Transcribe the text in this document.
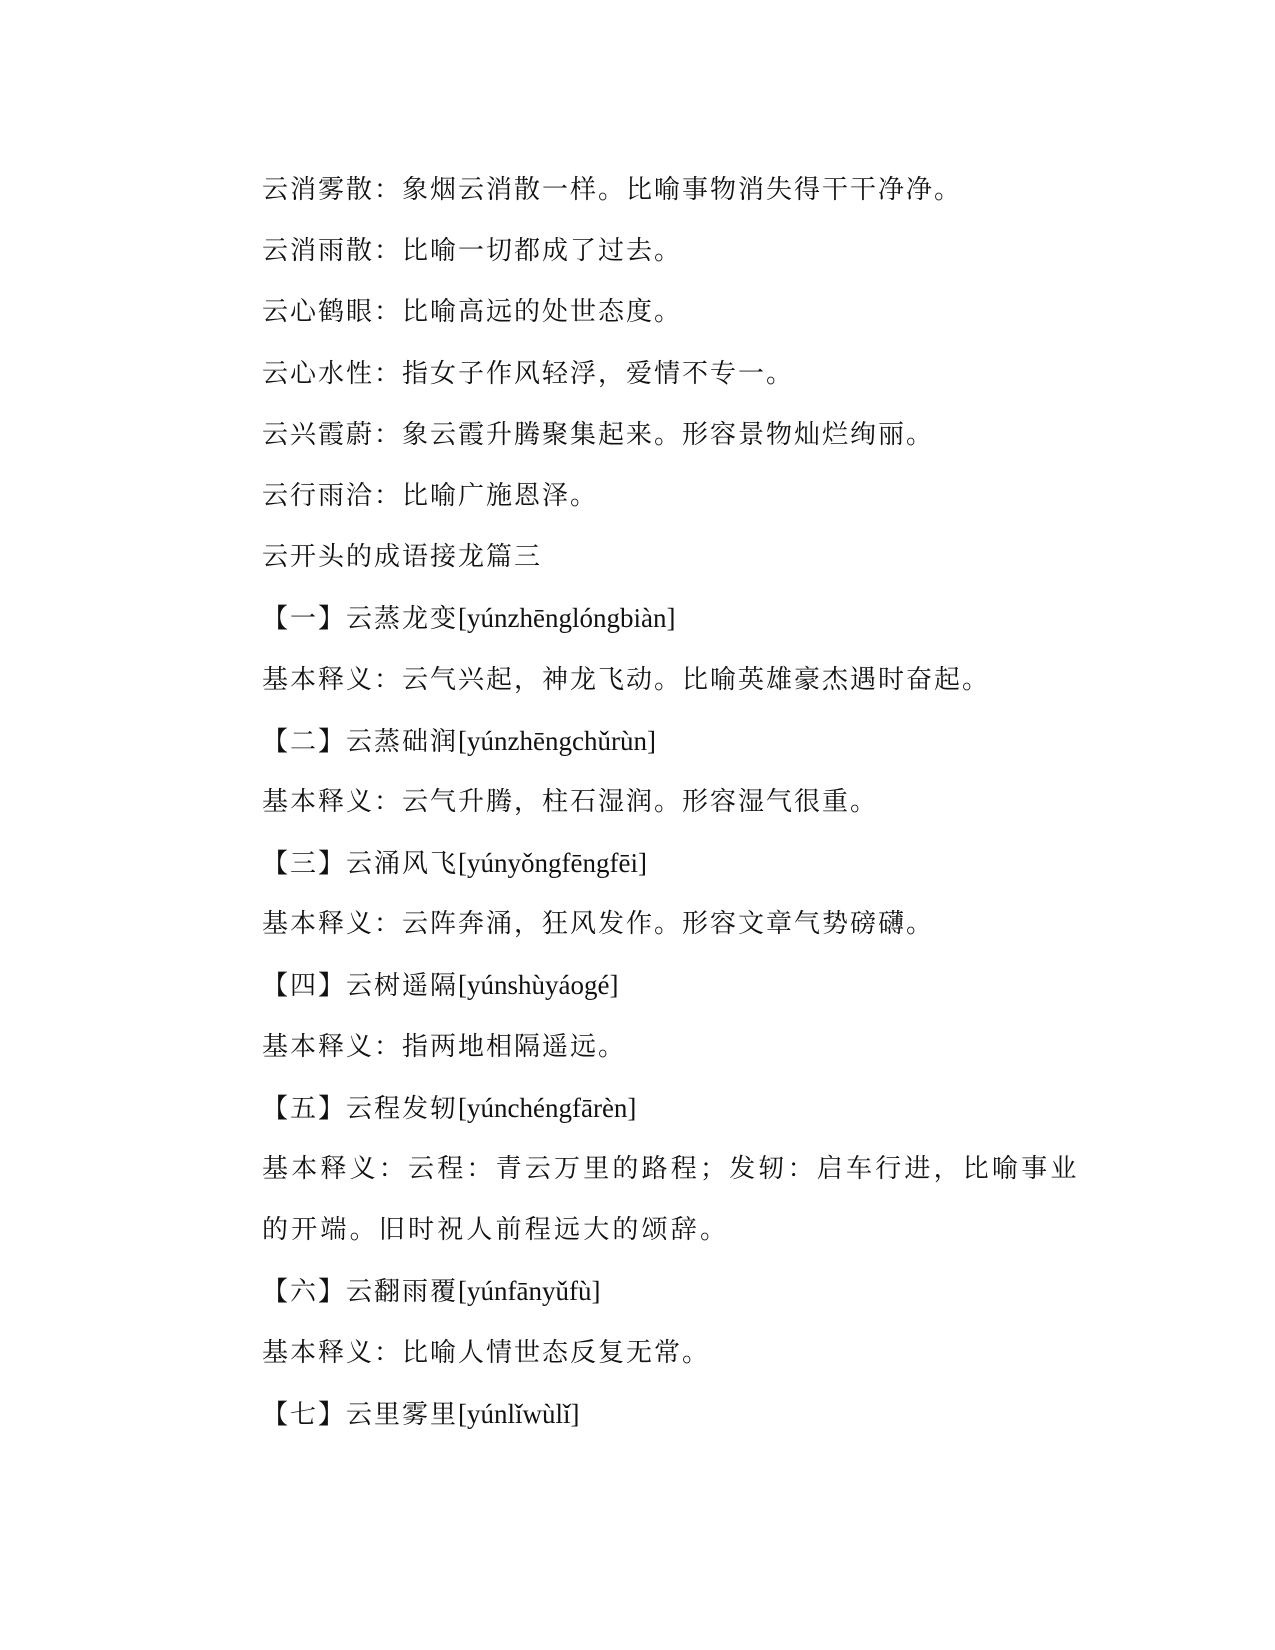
云消雾散：象烟云消散一样。比喻事物消失得干干净净。
云消雨散：比喻一切都成了过去。
云心鹤眼：比喻高远的处世态度。
云心水性：指女子作风轻浮，爱情不专一。
云兴霞蔚：象云霞升腾聚集起来。形容景物灿烂绚丽。
云行雨洽：比喻广施恩泽。
云开头的成语接龙篇三
【一】云蒸龙变[yúnzhēnglóngbiàn]
基本释义：云气兴起，神龙飞动。比喻英雄豪杰遇时奋起。
【二】云蒸础润[yúnzhēngchǔrùn]
基本释义：云气升腾，柱石湿润。形容湿气很重。
【三】云涌风飞[yúnyǒngfēngfēi]
基本释义：云阵奔涌，狂风发作。形容文章气势磅礴。
【四】云树遥隔[yúnshùyáogé]
基本释义：指两地相隔遥远。
【五】云程发轫[yúnchéngfārèn]
基本释义：云程：青云万里的路程；发轫：启车行进，比喻事业的开端。旧时祝人前程远大的颂辞。
【六】云翻雨覆[yúnfānyǔfù]
基本释义：比喻人情世态反复无常。
【七】云里雾里[yúnlǐwùlǐ]
